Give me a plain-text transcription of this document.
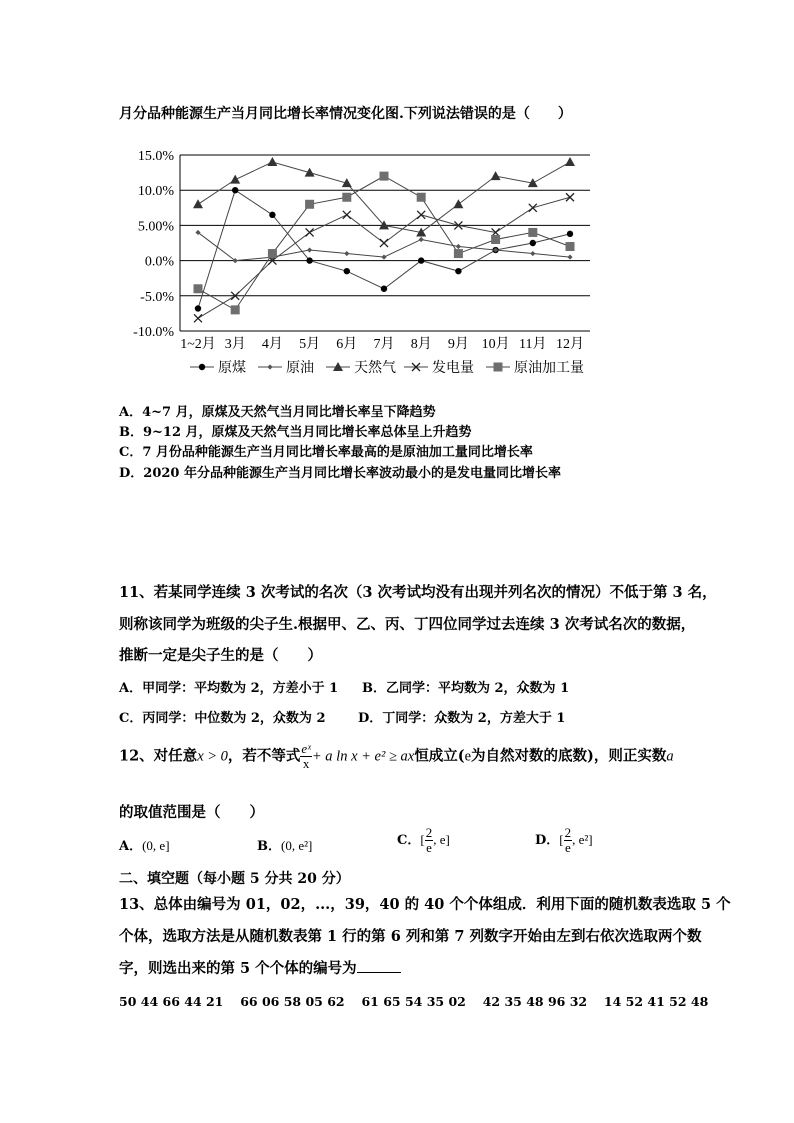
月分品种能源生产当月同比增长率情况变化图.下列说法错误的是（　　）
15.0%
10.0%
5.00%
0.0%
-5.0%
-10.0%
1~2月 3月 4月 5月 6月 7月 8月 9月 10月 11月 12月
原煤	原油	天然气	发电量	原油加工量
A．4~7 月，原煤及天然气当月同比增长率呈下降趋势
B．9~12 月，原煤及天然气当月同比增长率总体呈上升趋势
C．7 月份品种能源生产当月同比增长率最高的是原油加工量同比增长率
D．2020 年分品种能源生产当月同比增长率波动最小的是发电量同比增长率
11、若某同学连续 3 次考试的名次（3 次考试均没有出现并列名次的情况）不低于第 3 名，
则称该同学为班级的尖子生.根据甲、乙、丙、丁四位同学过去连续 3 次考试名次的数据，
推断一定是尖子生的是（　　）
A．甲同学：平均数为 2，方差小于 1 B．乙同学：平均数为 2，众数为 1
C．丙同学：中位数为 2，众数为 2	D．丁同学：众数为 2，方差大于 1
12、对任意x > 0，若不等式 $\frac{\text{eˣ}}{x} + a$ ln x + e² ≥ ax恒成立(e为自然对数的底数)，则正实数a
的取值范围是（　　）
A．(0, e]	B．(0, e²]	C．[ $\frac{2}{e}$ , e]	D．[ $\frac{2}{e}$ , e²]
二、填空题（每小题 5 分共 20 分）
13、总体由编号为 01，02，...，39，40 的 40 个个体组成．利用下面的随机数表选取 5 个
个体，选取方法是从随机数表第 1 行的第 6 列和第 7 列数字开始由左到右依次选取两个数
字，则选出来的第 5 个个体的编号为
50 44 66 44 21　 66 06 58 05 62　 61 65 54 35 02　 42 35 48 96 32　 14 52 41 52 48
